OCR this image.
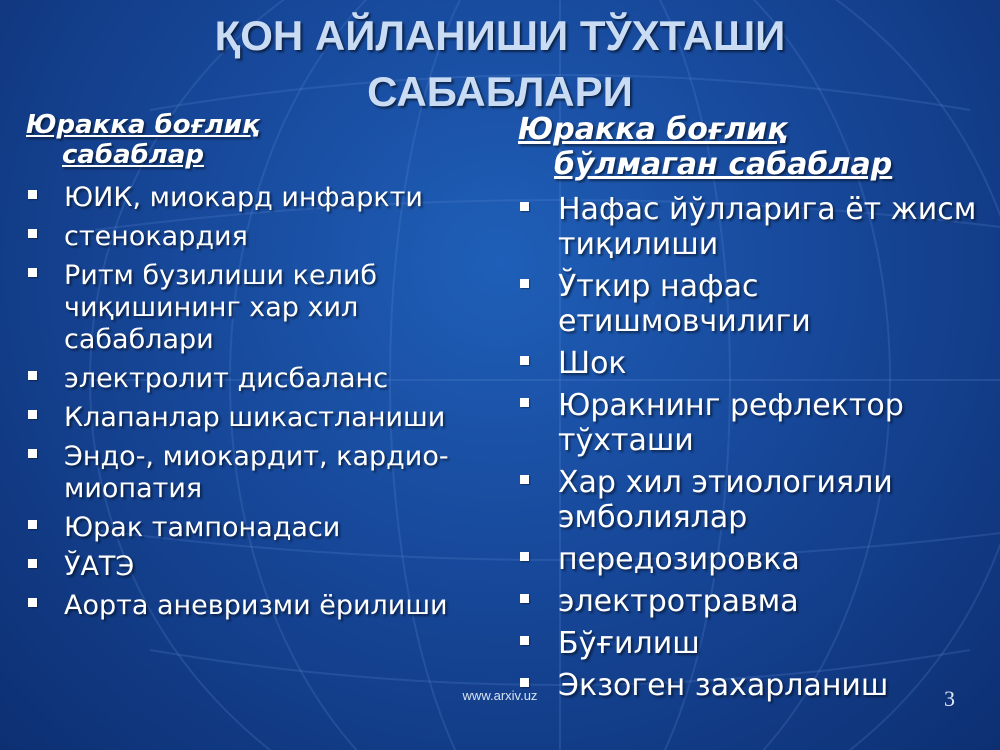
ҚОН АЙЛАНИШИ ТЎХТАШИ
САБАБЛАРИ
Юракка боғлиқ
сабаблар
ЮИК, миокард инфаркти
стенокардия
Ритм бузилиши келиб чиқишининг хар хил сабаблари
электролит дисбаланс
Клапанлар шикастланиши
Эндо-, миокардит, кардио-миопатия
Юрак тампонадаси
ЎАТЭ
Аорта аневризми ёрилиши
Юракка боғлиқ
бўлмаган сабаблар
Нафас йўлларига ёт жисм тиқилиши
Ўткир нафас етишмовчилиги
Шок
Юракнинг рефлектор тўхташи
Хар хил этиологияли эмболиялар
передозировка
электротравма
Бўғилиш
Экзоген захарланиш
www.arxiv.uz	3
